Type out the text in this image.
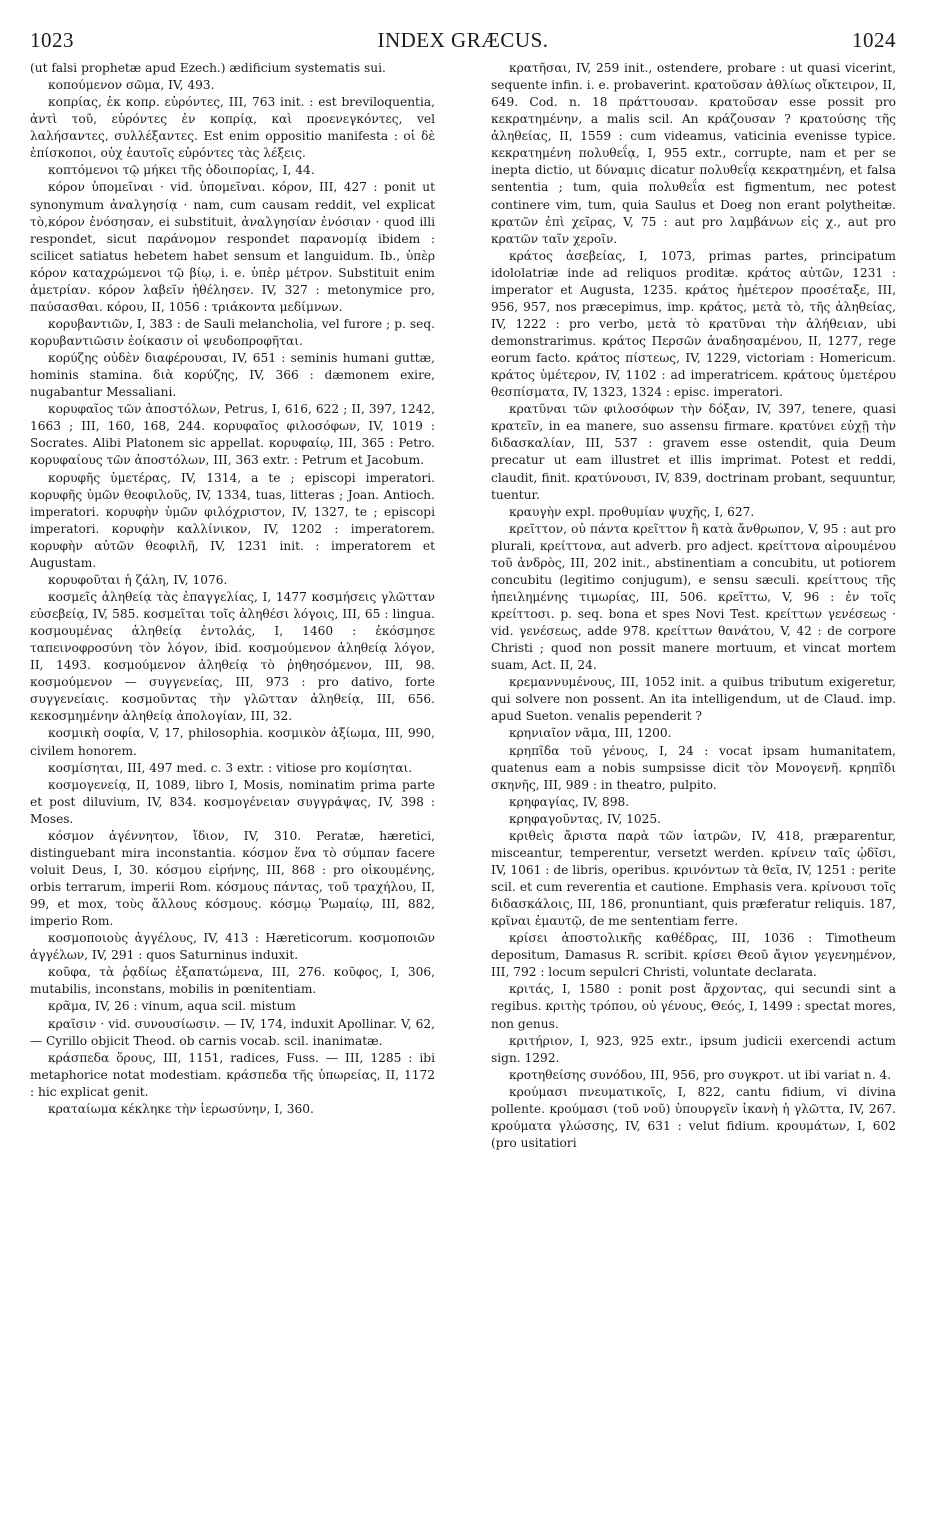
1023	INDEX GRÆCUS.	1024

(ut falsi prophetæ apud Ezech.) ædificium systematis sui.

κοπούμενον σῶμα, IV, 493.

κοπρίας, ἐκ κοπρ. εὑρόντες, III, 763 init. : est breviloquentia, ἀντὶ τοῦ, εὑρόντες ἐν κοπρίᾳ, καὶ προενεγκόντες, vel λαλήσαντες, συλλέξαντες. Est enim oppositio manifesta : οἱ δὲ ἐπίσκοποι, οὐχ ἑαυτοῖς εὑρόντες τὰς λέξεις.

κοπτόμενοι τῷ μήκει τῆς ὁδοιπορίας, I, 44.

κόρον ὑπομεῖναι · vid. ὑπομεῖναι. κόρον, III, 427 : ponit ut synonymum ἀναλγησίᾳ · nam, cum causam reddit, vel explicat τὸ,κόρον ἐνόσησαν, ei substituit, ἀναλγησίαν ἐνόσιαν · quod illi respondet, sicut παράνομον respondet παρανομίᾳ ibidem : scilicet satiatus hebetem habet sensum et languidum. Ib., ὑπὲρ κόρον καταχρώμενοι τῷ βίῳ, i. e. ὑπὲρ μέτρον. Substituit enim ἀμετρίαν. κόρον λαβεῖν ἠθέλησεν. IV, 327 : metonymice pro, παύσασθαι. κόρου, II, 1056 : τριάκοντα μεδίμνων.

κορυβαντιῶν, I, 383 : de Sauli melancholia, vel furore ; p. seq. κορυβαντιῶσιν ἐοίκασιν οἱ ψευδοπροφῆται.

κορύζης οὐδὲν διαφέρουσαι, IV, 651 : seminis humani guttæ, hominis stamina. διὰ κορύζης, IV, 366 : dæmonem exire, nugabantur Messaliani.

κορυφαῖος τῶν ἀποστόλων, Petrus, I, 616, 622 ; II, 397, 1242, 1663 ; III, 160, 168, 244. κορυφαῖος φιλοσόφων, IV, 1019 : Socrates. Alibi Platonem sic appellat. κορυφαίῳ, III, 365 : Petro. κορυφαίους τῶν ἀποστόλων, III, 363 extr. : Petrum et Jacobum.

κορυφῆς ὑμετέρας, IV, 1314, a te ; episcopi imperatori. κορυφῆς ὑμῶν θεοφιλοῦς, IV, 1334, tuas, litteras ; Joan. Antioch. imperatori. κορυφὴν ὑμῶν φιλόχριστον, IV, 1327, te ; episcopi imperatori. κορυφὴν καλλίνικον, IV, 1202 : imperatorem. κορυφὴν αὐτῶν θεοφιλῆ, IV, 1231 init. : imperatorem et Augustam.

κορυφοῦται ἡ ζάλη, IV, 1076.

κοσμεῖς ἀληθείᾳ τὰς ἐπαγγελίας, I, 1477 κοσμήσεις γλῶτταν εὐσεβείᾳ, IV, 585. κοσμεῖται τοῖς ἀληθέσι λόγοις, III, 65 : lingua. κοσμουμένας ἀληθείᾳ ἐντολάς, I, 1460 : ἐκόσμησε ταπεινοφροσύνη τὸν λόγον, ibid. κοσμούμενον ἀληθείᾳ λόγον, II, 1493. κοσμούμενον ἀληθείᾳ τὸ ῥηθησόμενον, III, 98. κοσμούμενον — συγγενείας, III, 973 : pro dativo, forte συγγενείαις. κοσμοῦντας τὴν γλῶτταν ἀληθείᾳ, III, 656. κεκοσμημένην ἀληθείᾳ ἀπολογίαν, III, 32.

κοσμικὴ σοφία, V, 17, philosophia. κοσμικὸν ἀξίωμα, III, 990, civilem honorem.

κοσμίσηται, III, 497 med. c. 3 extr. : vitiose pro κομίσηται.

κοσμογενείᾳ, II, 1089, libro I, Mosis, nominatim prima parte et post diluvium, IV, 834. κοσμογένειαν συγγράψας, IV, 398 : Moses.

κόσμον ἀγέννητον, ἴδιον, IV, 310. Peratæ, hæretici, distinguebant mira inconstantia. κόσμον ἕνα τὸ σύμπαν facere voluit Deus, I, 30. κόσμου εἰρήνης, III, 868 : pro οἰκουμένης, orbis terrarum, imperii Rom. κόσμους πάντας, τοῦ τραχήλου, II, 99, et mox, τοὺς ἄλλους κόσμους. κόσμῳ Ῥωμαίῳ, III, 882, imperio Rom.

κοσμοποιοὺς ἀγγέλους, IV, 413 : Hæreticorum. κοσμοποιῶν ἀγγέλων, IV, 291 : quos Saturninus induxit.

κοῦφα, τὰ ῥᾳδίως ἐξαπατώμενα, III, 276. κοῦφος, I, 306, mutabilis, inconstans, mobilis in pœnitentiam.

κρᾶμα, IV, 26 : vinum, aqua scil. mistum

κραῖσιν · vid. συνουσίωσιν. — IV, 174, induxit Apollinar. V, 62, — Cyrillo objicit Theod. ob carnis vocab. scil. inanimatæ.

κράσπεδα ὅρους, III, 1151, radices, Fuss. — III, 1285 : ibi metaphorice notat modestiam. κράσπεδα τῆς ὑπωρείας, II, 1172 : hic explicat genit.

κραταίωμα κέκληκε τὴν ἱερωσύνην, I, 360.

κρατῆσαι, IV, 259 init., ostendere, probare : ut quasi vicerint, sequente infin. i. e. probaverint. κρατοῦσαν ἀθλίως οἴκτειρον, II, 649. Cod. n. 18 πράττουσαν. κρατοῦσαν esse possit pro κεκρατημένην, a malis scil. An κράζουσαν ? κρατούσης τῆς ἀληθείας, II, 1559 : cum videamus, vaticinia evenisse typice. κεκρατημένη πολυθεΐᾳ, I, 955 extr., corrupte, nam et per se inepta dictio, ut δύναμις dicatur πολυθεΐᾳ κεκρατημένη, et falsa sententia ; tum, quia πολυθεΐα est figmentum, nec potest continere vim, tum, quia Saulus et Doeg non erant polytheitæ. κρατῶν ἐπὶ χεῖρας, V, 75 : aut pro λαμβάνων εἰς χ., aut pro κρατῶν ταῖν χεροῖν.

κράτος ἀσεβείας, I, 1073, primas partes, principatum idololatriæ inde ad reliquos proditæ. κράτος αὐτῶν, 1231 : imperator et Augusta, 1235. κράτος ἡμέτερον προσέταξε, III, 956, 957, nos præcepimus, imp. κράτος, μετὰ τὸ, τῆς ἀληθείας, IV, 1222 : pro verbo, μετὰ τὸ κρατῦναι τὴν ἀλήθειαν, ubi demonstrarimus. κράτος Περσῶν ἀναδησαμένου, II, 1277, rege eorum facto. κράτος πίστεως, IV, 1229, victoriam : Homericum. κράτος ὑμέτερον, IV, 1102 : ad imperatricem. κράτους ὑμετέρου θεσπίσματα, IV, 1323, 1324 : episc. imperatori.

κρατῦναι τῶν φιλοσόφων τὴν δόξαν, IV, 397, tenere, quasi κρατεῖν, in ea manere, suo assensu firmare. κρατύνει εὐχῇ τὴν διδασκαλίαν, III, 537 : gravem esse ostendit, quia Deum precatur ut eam illustret et illis imprimat. Potest et reddi, claudit, finit. κρατύνουσι, IV, 839, doctrinam probant, sequuntur, tuentur.

κραυγὴν expl. προθυμίαν ψυχῆς, I, 627.

κρεῖττον, οὐ πάντα κρεῖττον ἢ κατὰ ἄνθρωπον, V, 95 : aut pro plurali, κρείττονα, aut adverb. pro adject. κρείττονα αἱρουμένου τοῦ ἀνδρὸς, III, 202 init., abstinentiam a concubitu, ut potiorem concubitu (legitimo conjugum), e sensu sæculi. κρείττους τῆς ἠπειλημένης τιμωρίας, III, 506. κρεῖττω, V, 96 : ἐν τοῖς κρείττοσι. p. seq. bona et spes Novi Test. κρείττων γενέσεως · vid. γενέσεως, adde 978. κρείττων θανάτου, V, 42 : de corpore Christi ; quod non possit manere mortuum, et vincat mortem suam, Act. II, 24.

κρεμαννυμένους, III, 1052 init. a quibus tributum exigeretur, qui solvere non possent. An ita intelligendum, ut de Claud. imp. apud Sueton. venalis pependerit ?

κρηνιαῖον νᾶμα, III, 1200.

κρηπῖδα τοῦ γένους, I, 24 : vocat ipsam humanitatem, quatenus eam a nobis sumpsisse dicit τὸν Μονογενῆ. κρηπῖδι σκηνῆς, III, 989 : in theatro, pulpito.

κρηφαγίας, IV, 898.

κρηφαγοῦντας, IV, 1025.

κριθεὶς ἄριστα παρὰ τῶν ἰατρῶν, IV, 418, præparentur, misceantur, temperentur, versetzt werden. κρίνειν ταῖς ᾠδῖσι, IV, 1061 : de libris, operibus. κρινόντων τὰ θεῖα, IV, 1251 : perite scil. et cum reverentia et cautione. Emphasis vera. κρίνουσι τοῖς διδασκάλοις, III, 186, pronuntiant, quis præferatur reliquis. 187, κρῖναι ἐμαυτῷ, de me sententiam ferre.

κρίσει ἀποστολικῆς καθέδρας, III, 1036 : Timotheum depositum, Damasus R. scribit. κρίσει Θεοῦ ἄγιον γεγενημένον, III, 792 : locum sepulcri Christi, voluntate declarata.

κριτάς, I, 1580 : ponit post ἄρχοντας, qui secundi sint a regibus. κριτὴς τρόπου, οὐ γένους, Θεός, I, 1499 : spectat mores, non genus.

κριτήριον, I, 923, 925 extr., ipsum judicii exercendi actum sign. 1292.

κροτηθείσης συνόδου, III, 956, pro συγκροτ. ut ibi variat n. 4.

κρούμασι πνευματικοῖς, I, 822, cantu fidium, vi divina pollente. κρούμασι (τοῦ νοῦ) ὑπουργεῖν ἱκανὴ ἡ γλῶττα, IV, 267. κρούματα γλώσσης, IV, 631 : velut fidium. κρουμάτων, I, 602 (pro usitatiori
